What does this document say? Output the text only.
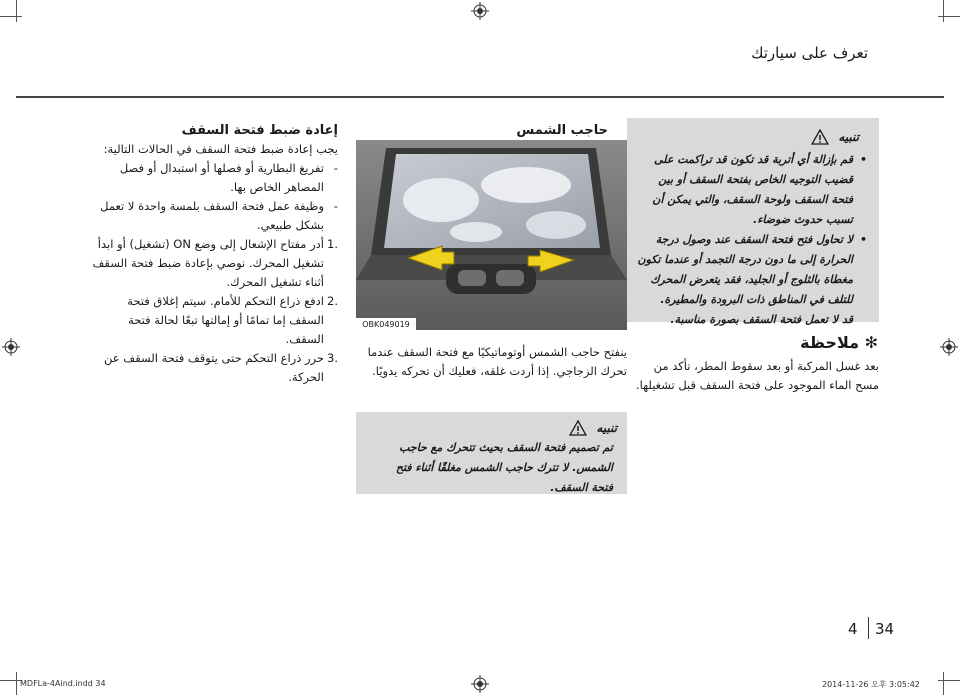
تعرف على سيارتك
إعادة ضبط فتحة السقف

يجب إعادة ضبط فتحة السقف في الحالات التالية:

-
تفريغ البطارية أو فصلها أو استبدال أو فصل المصاهر الخاص بها.

-
وظيفة عمل فتحة السقف بلمسة واحدة لا تعمل بشكل طبيعي.

.1
أدر مفتاح الإشعال إلى وضع ON (تشغيل) أو ابدأ تشغيل المحرك. نوصي بإعادة ضبط فتحة السقف أثناء تشغيل المحرك.

.2
ادفع ذراع التحكم للأمام. سيتم إغلاق فتحة السقف إما تمامًا أو إمالتها تبعًا لحالة فتحة السقف.

.3
حرر ذراع التحكم حتى يتوقف فتحة السقف عن الحركة.

حاجب الشمس
OBK049019
ينفتح حاجب الشمس أوتوماتيكيًا مع فتحة السقف عندما تحرك الزجاجي. إذا أردت غلقه، فعليك أن تحركه يدويًا.
تنبيه
تم تصميم فتحة السقف بحيث تتحرك مع حاجب الشمس. لا تترك حاجب الشمس مغلقًا أثناء فتح فتحة السقف.
تنبيه

•
قم بإزالة أي أتربة قد تكون قد تراكمت على قضيب التوجيه الخاص بفتحة السقف أو بين فتحة السقف ولوحة السقف، والتي يمكن أن تسبب حدوث ضوضاء.

•
لا تحاول فتح فتحة السقف عند وصول درجة الحرارة إلى ما دون درجة التجمد أو عندما تكون مغطاة بالثلوج أو الجليد، فقد يتعرض المحرك للتلف في المناطق ذات البرودة والمطيرة.

قد لا تعمل فتحة السقف بصورة مناسبة.

✻ ملاحظة
بعد غسل المركبة أو بعد سقوط المطر، تأكد من مسح الماء الموجود على فتحة السقف قبل تشغيلها.
4 34
MDFLa-4Aind.indd 34	2014-11-26 오후 3:05:42
